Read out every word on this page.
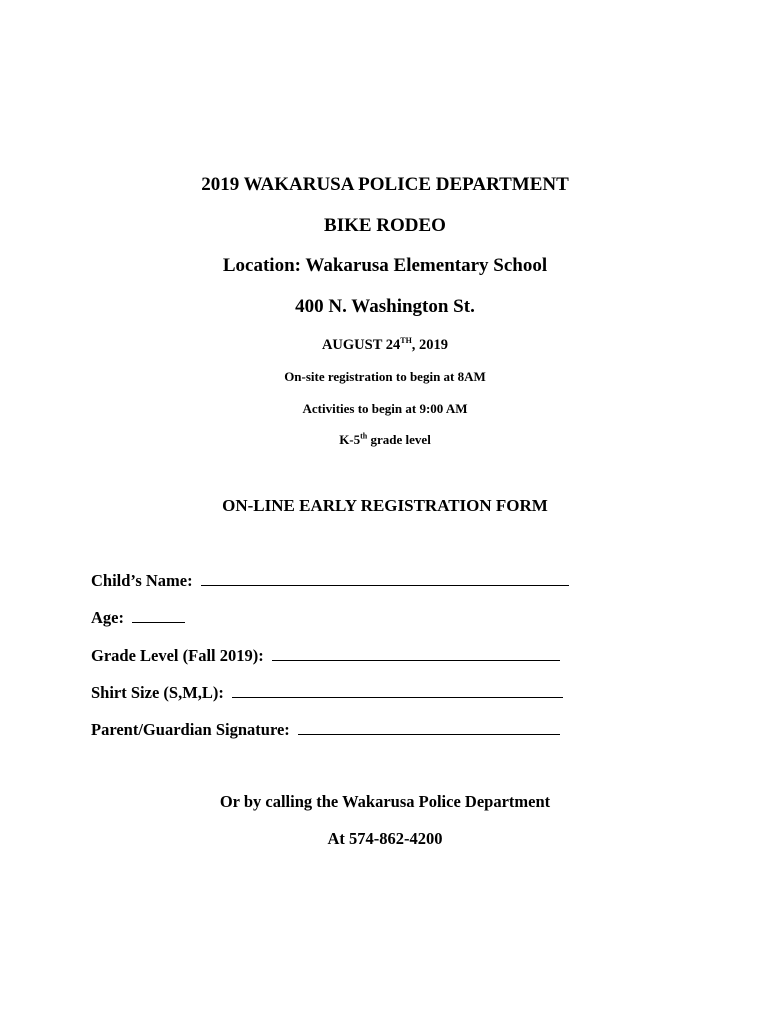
2019 WAKARUSA POLICE DEPARTMENT
BIKE RODEO
Location: Wakarusa Elementary School
400 N. Washington St.
AUGUST 24TH, 2019
On-site registration to begin at 8AM
Activities to begin at 9:00 AM
K-5th grade level
ON-LINE EARLY REGISTRATION FORM
Child’s Name:
Age:
Grade Level (Fall 2019):
Shirt Size (S,M,L):
Parent/Guardian Signature:
Or by calling the Wakarusa Police Department
At 574-862-4200
